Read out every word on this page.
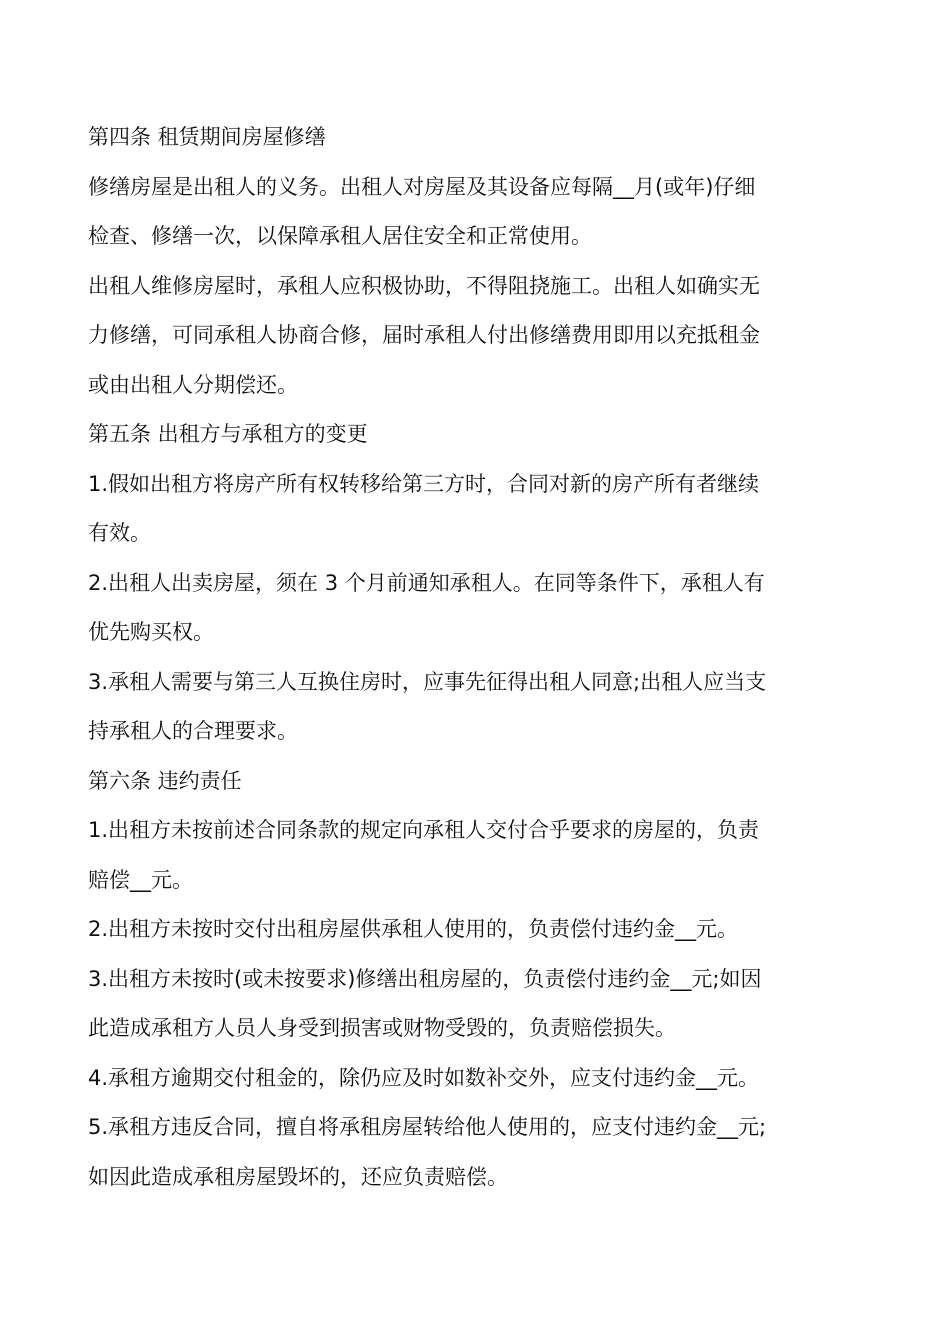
第四条 租赁期间房屋修缮
修缮房屋是出租人的义务。出租人对房屋及其设备应每隔__月(或年)仔细
检查、修缮一次，以保障承租人居住安全和正常使用。
出租人维修房屋时，承租人应积极协助，不得阻挠施工。出租人如确实无
力修缮，可同承租人协商合修，届时承租人付出修缮费用即用以充抵租金
或由出租人分期偿还。
第五条 出租方与承租方的变更
1.假如出租方将房产所有权转移给第三方时，合同对新的房产所有者继续
有效。
2.出租人出卖房屋，须在 3 个月前通知承租人。在同等条件下，承租人有
优先购买权。
3.承租人需要与第三人互换住房时，应事先征得出租人同意;出租人应当支
持承租人的合理要求。
第六条 违约责任
1.出租方未按前述合同条款的规定向承租人交付合乎要求的房屋的，负责
赔偿__元。
2.出租方未按时交付出租房屋供承租人使用的，负责偿付违约金__元。
3.出租方未按时(或未按要求)修缮出租房屋的，负责偿付违约金__元;如因
此造成承租方人员人身受到损害或财物受毁的，负责赔偿损失。
4.承租方逾期交付租金的，除仍应及时如数补交外，应支付违约金__元。
5.承租方违反合同，擅自将承租房屋转给他人使用的，应支付违约金__元;
如因此造成承租房屋毁坏的，还应负责赔偿。
